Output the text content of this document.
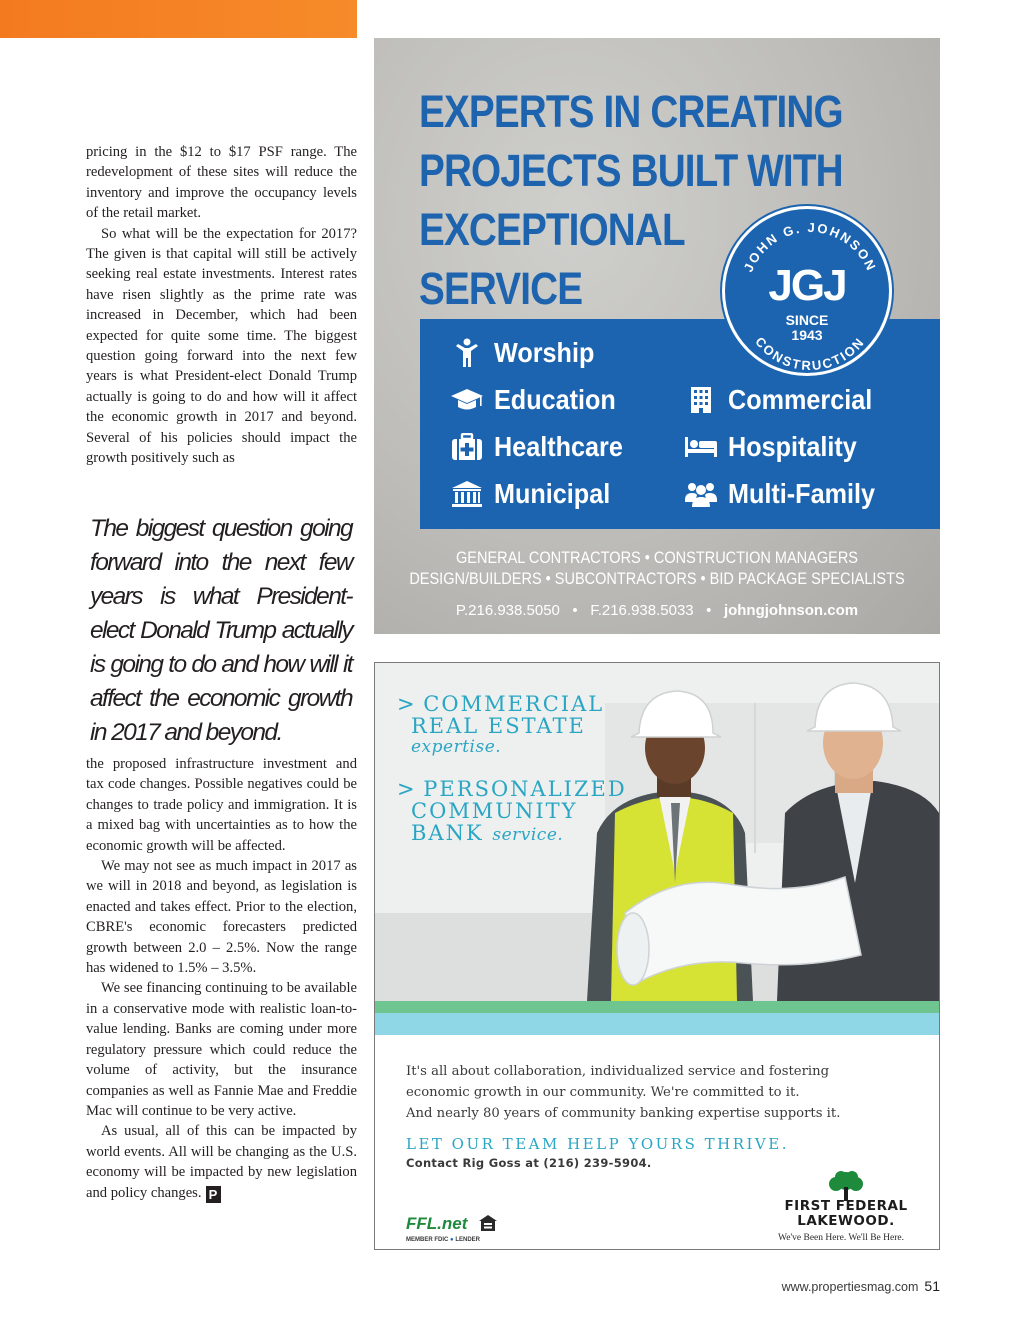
pricing in the $12 to $17 PSF range. The redevelopment of these sites will reduce the inventory and improve the occupancy levels of the retail market.

So what will be the expectation for 2017? The given is that capital will still be actively seeking real estate investments. Interest rates have risen slightly as the prime rate was increased in December, which had been expected for quite some time. The biggest question going forward into the next few years is what President-elect Donald Trump actually is going to do and how will it affect the economic growth in 2017 and beyond. Several of his policies should impact the growth positively such as

The biggest question going forward into the next few years is what President-elect Donald Trump actually is going to do and how will it affect the economic growth in 2017 and beyond.

the proposed infrastructure investment and tax code changes. Possible negatives could be changes to trade policy and immigration. It is a mixed bag with uncertainties as to how the economic growth will be affected.

We may not see as much impact in 2017 as we will in 2018 and beyond, as legislation is enacted and takes effect. Prior to the election, CBRE's economic forecasters predicted growth between 2.0 – 2.5%. Now the range has widened to 1.5% – 3.5%.

We see financing continuing to be available in a conservative mode with realistic loan-to-value lending. Banks are coming under more regulatory pressure which could reduce the volume of activity, but the insurance companies as well as Fannie Mae and Freddie Mac will continue to be very active.

As usual, all of this can be impacted by world events. All will be changing as the U.S. economy will be impacted by new legislation and policy changes. P

EXPERTS IN CREATING
PROJECTS BUILT WITH
EXCEPTIONAL
SERVICE
Worship
Education	Commercial
Healthcare	Hospitality
Municipal	Multi-Family
JOHN G. JOHNSON
CONSTRUCTION
JGJ
SINCE
1943
GENERAL CONTRACTORS • CONSTRUCTION MANAGERS
DESIGN/BUILDERS • SUBCONTRACTORS • BID PACKAGE SPECIALISTS
P.216.938.5050 • F.216.938.5033 • johngjohnson.com
> COMMERCIAL
REAL ESTATE
expertise.
> PERSONALIZED
COMMUNITY
BANK service.
It's all about collaboration, individualized service and fostering
economic growth in our community. We're committed to it.
And nearly 80 years of community banking expertise supports it.
LET OUR TEAM HELP YOURS THRIVE.
Contact Rig Goss at (216) 239-5904.
FFL.net
MEMBER FDIC ● LENDER
FIRST FEDERAL
LAKEWOOD.
We've Been Here. We'll Be Here.
www.propertiesmag.com 51
